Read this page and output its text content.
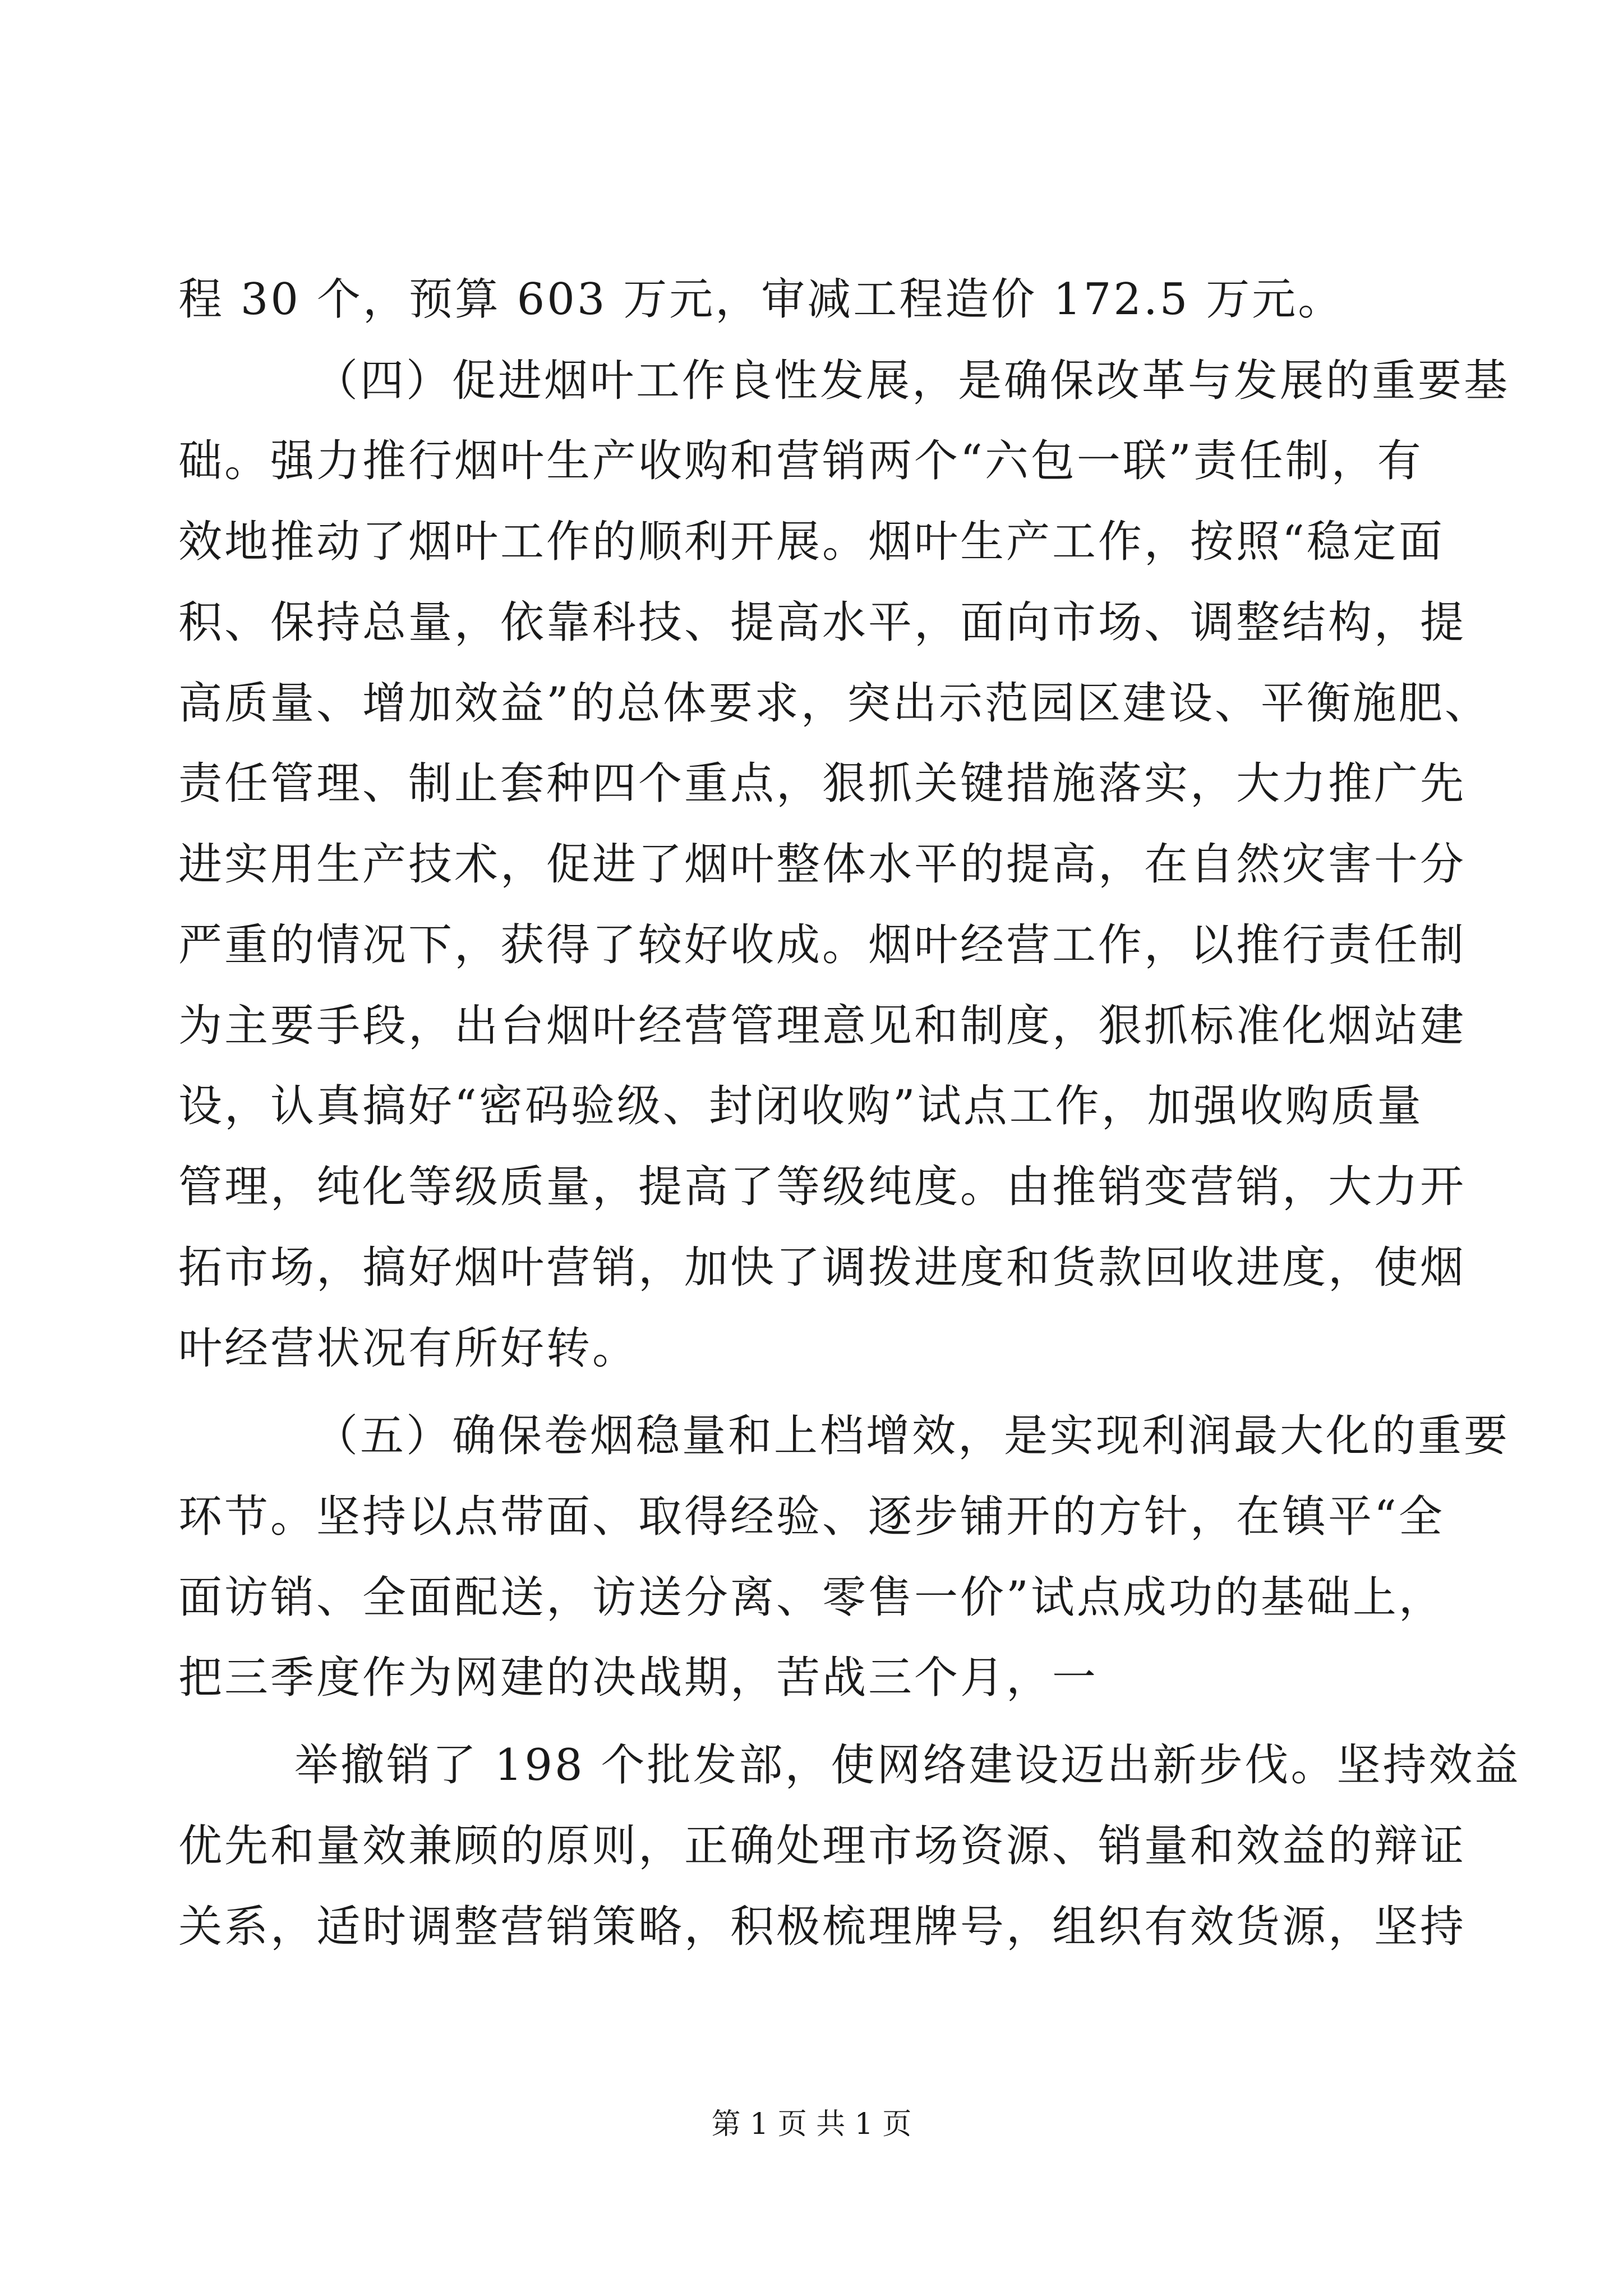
程 30 个，预算 603 万元，审减工程造价 172.5 万元。
（四）促进烟叶工作良性发展，是确保改革与发展的重要基
础。强力推行烟叶生产收购和营销两个“六包一联”责任制，有
效地推动了烟叶工作的顺利开展。烟叶生产工作，按照“稳定面
积、保持总量，依靠科技、提高水平，面向市场、调整结构，提
高质量、增加效益”的总体要求，突出示范园区建设、平衡施肥、
责任管理、制止套种四个重点，狠抓关键措施落实，大力推广先
进实用生产技术，促进了烟叶整体水平的提高，在自然灾害十分
严重的情况下，获得了较好收成。烟叶经营工作，以推行责任制
为主要手段，出台烟叶经营管理意见和制度，狠抓标准化烟站建
设，认真搞好“密码验级、封闭收购”试点工作，加强收购质量
管理，纯化等级质量，提高了等级纯度。由推销变营销，大力开
拓市场，搞好烟叶营销，加快了调拨进度和货款回收进度，使烟
叶经营状况有所好转。
（五）确保卷烟稳量和上档增效，是实现利润最大化的重要
环节。坚持以点带面、取得经验、逐步铺开的方针，在镇平“全
面访销、全面配送，访送分离、零售一价”试点成功的基础上，
把三季度作为网建的决战期，苦战三个月，一
举撤销了 198 个批发部，使网络建设迈出新步伐。坚持效益
优先和量效兼顾的原则，正确处理市场资源、销量和效益的辩证
关系，适时调整营销策略，积极梳理牌号，组织有效货源，坚持
第 1 页 共 1 页
